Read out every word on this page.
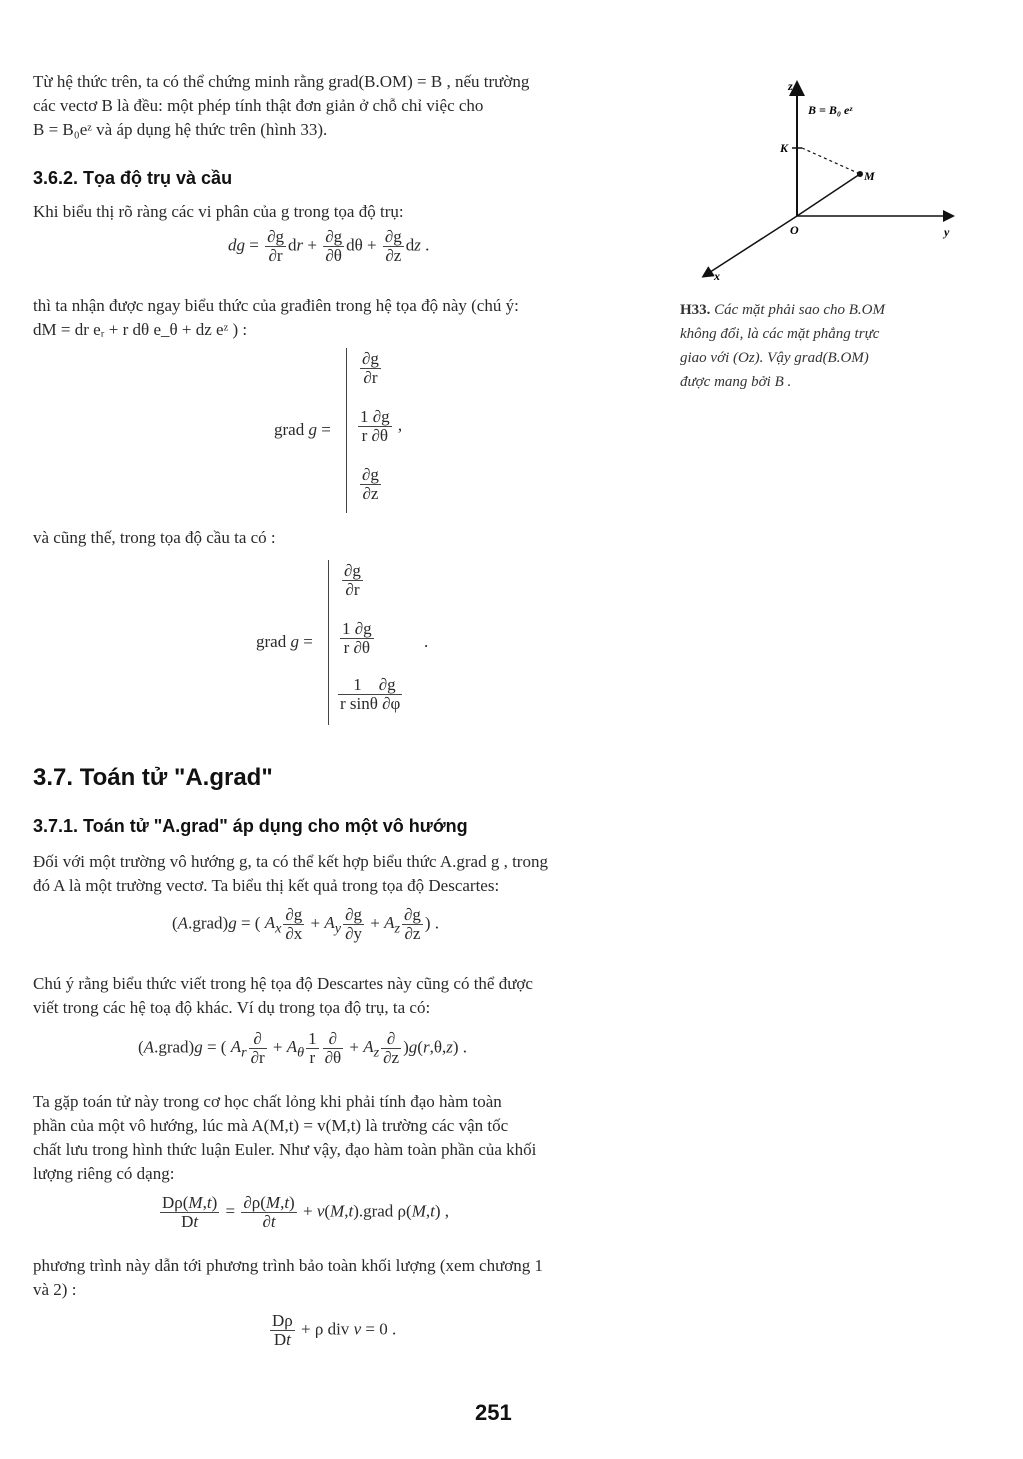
Từ hệ thức trên, ta có thể chứng minh rằng grad(B.OM) = B , nếu trường
các vectơ B là đều: một phép tính thật đơn giản ở chỗ chỉ việc cho
B = B₀eᶻ và áp dụng hệ thức trên (hình 33).
3.6.2. Tọa độ trụ và cầu
Khi biểu thị rõ ràng các vi phân của g trong tọa độ trụ:
dg = $\frac{\partial g}{\partial r}$ dr + $\frac{\partial g}{\partial\theta}$ $d\theta + \frac{\partial g}{\partial z}$ dz .
thì ta nhận được ngay biểu thức của građiên trong hệ tọa độ này (chú ý:
dM = dr eᵣ + r dθ e_θ + dz eᶻ ) :
grad g =
$\frac{\partial g}{\partial r}$
$\frac{1 \partial g}{r \partial\theta}$ ,
$\frac{\partial g}{\partial z}$
và cũng thế, trong tọa độ cầu ta có :
grad g =
$\frac{\partial g}{\partial r}$
$\frac{1 \partial g}{r \partial\theta}$	.
$\frac{1 \partial g}{\text{r sinθ ∂φ}}$
3.7. Toán tử "A.grad"
3.7.1. Toán tử "A.grad" áp dụng cho một vô hướng
Đối với một trường vô hướng g, ta có thể kết hợp biểu thức A.grad g , trong
đó A là một trường vectơ. Ta biểu thị kết quả trong tọa độ Descartes:
(A.grad)g = ( $A_x \frac{\partial g}{\partial x} + A_y \frac{\partial g}{\partial y} + A_z \frac{\partial g}{\partial z}$ ) .
Chú ý rằng biểu thức viết trong hệ tọa độ Descartes này cũng có thể được
viết trong các hệ toạ độ khác. Ví dụ trong tọa độ trụ, ta có:
(A.grad)g = ( $A_r \frac{\partial}{\partial r} + A_\theta \frac{1}{r} \frac{\partial}{\partial\theta} + A_z \frac{\partial}{\partial z} )g(r,\theta,z)$ .
Ta gặp toán tử này trong cơ học chất lỏng khi phải tính đạo hàm toàn
phần của một vô hướng, lúc mà A(M,t) = v(M,t) là trường các vận tốc
chất lưu trong hình thức luận Euler. Như vậy, đạo hàm toàn phần của khối
lượng riêng có dạng:
$\frac{D\rho(M,t)}{Dt} = \frac{\partial\rho(M,t)}{\partial t}$ + v(M,t).grad ρ(M,t) ,
phương trình này dẫn tới phương trình bảo toàn khối lượng (xem chương 1
và 2) :
$\frac{D\rho}{Dt} + \rho$ div v = 0 .
z
y
x
O
K
M
B = B₀ eᶻ
H33. Các mặt phải sao cho B.OM
không đổi, là các mặt phẳng trực
giao với (Oz). Vậy grad(B.OM)
được mang bởi B .
251
